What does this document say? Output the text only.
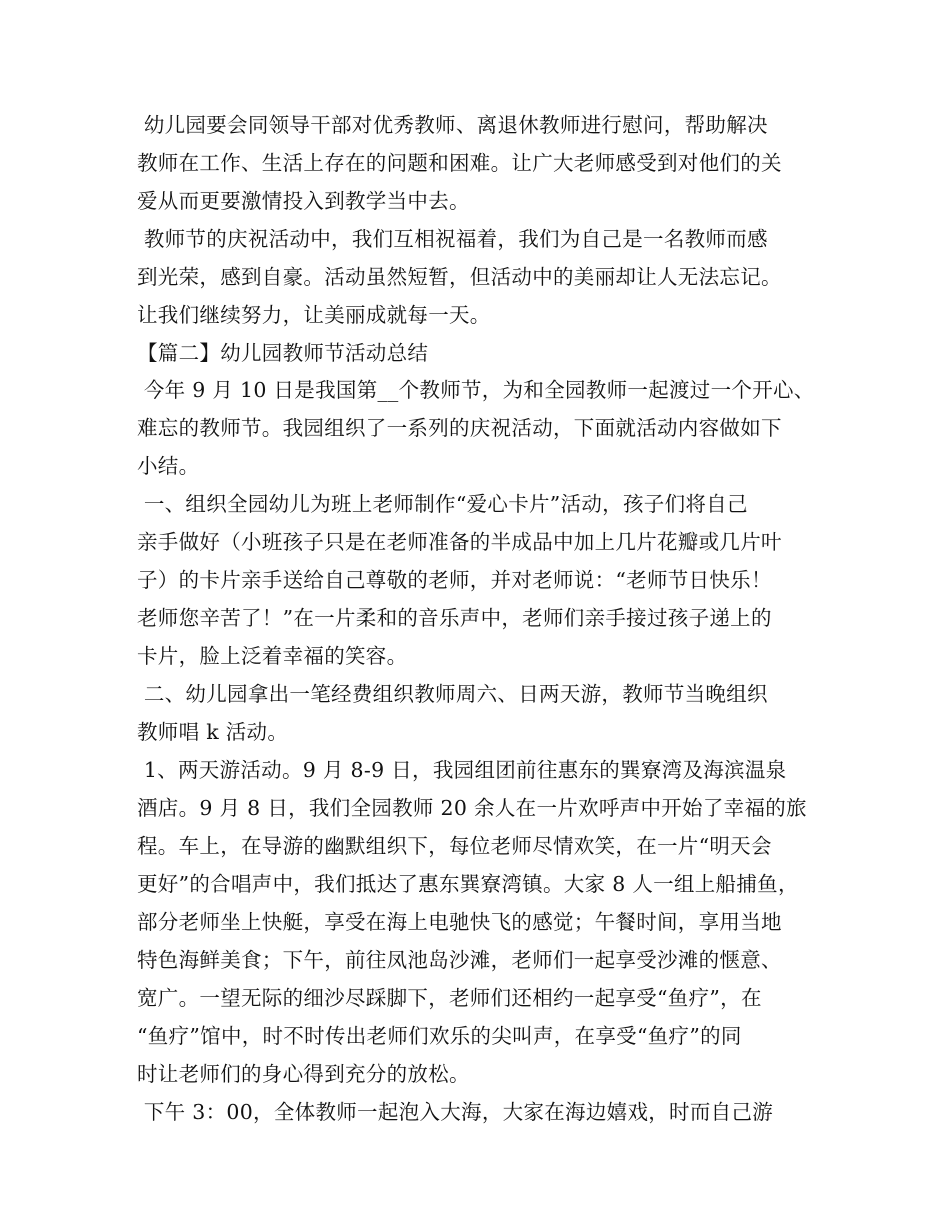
幼儿园要会同领导干部对优秀教师、离退休教师进行慰问，帮助解决
教师在工作、生活上存在的问题和困难。让广大老师感受到对他们的关
爱从而更要激情投入到教学当中去。
教师节的庆祝活动中，我们互相祝福着，我们为自己是一名教师而感
到光荣，感到自豪。活动虽然短暂，但活动中的美丽却让人无法忘记。
让我们继续努力，让美丽成就每一天。
【篇二】幼儿园教师节活动总结
今年 9 月 10 日是我国第__个教师节，为和全园教师一起渡过一个开心、
难忘的教师节。我园组织了一系列的庆祝活动，下面就活动内容做如下
小结。
一、组织全园幼儿为班上老师制作“爱心卡片”活动，孩子们将自己
亲手做好（小班孩子只是在老师准备的半成品中加上几片花瓣或几片叶
子）的卡片亲手送给自己尊敬的老师，并对老师说：“老师节日快乐！
老师您辛苦了！”在一片柔和的音乐声中，老师们亲手接过孩子递上的
卡片，脸上泛着幸福的笑容。
二、幼儿园拿出一笔经费组织教师周六、日两天游，教师节当晚组织
教师唱 k 活动。
1、两天游活动。9 月 8-9 日，我园组团前往惠东的巽寮湾及海滨温泉
酒店。9 月 8 日，我们全园教师 20 余人在一片欢呼声中开始了幸福的旅
程。车上，在导游的幽默组织下，每位老师尽情欢笑，在一片“明天会
更好”的合唱声中，我们抵达了惠东巽寮湾镇。大家 8 人一组上船捕鱼，
部分老师坐上快艇，享受在海上电驰快飞的感觉；午餐时间，享用当地
特色海鲜美食；下午，前往凤池岛沙滩，老师们一起享受沙滩的惬意、
宽广。一望无际的细沙尽踩脚下，老师们还相约一起享受“鱼疗”，在
“鱼疗”馆中，时不时传出老师们欢乐的尖叫声，在享受“鱼疗”的同
时让老师们的身心得到充分的放松。
下午 3：00，全体教师一起泡入大海，大家在海边嬉戏，时而自己游
